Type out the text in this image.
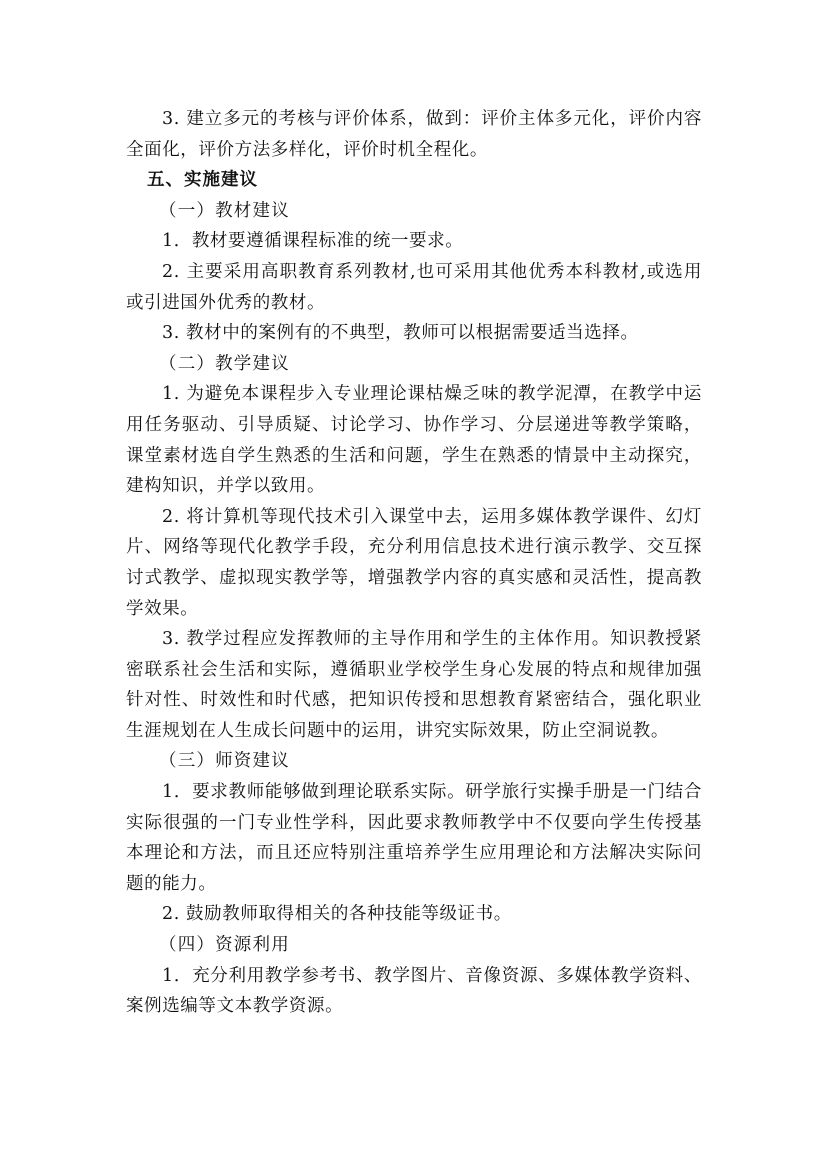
3. 建立多元的考核与评价体系，做到：评价主体多元化，评价内容全面化，评价方法多样化，评价时机全程化。

五、实施建议

（一）教材建议

1．教材要遵循课程标准的统一要求。

2. 主要采用高职教育系列教材,也可采用其他优秀本科教材,或选用或引进国外优秀的教材。

3. 教材中的案例有的不典型，教师可以根据需要适当选择。

（二）教学建议

1. 为避免本课程步入专业理论课枯燥乏味的教学泥潭，在教学中运用任务驱动、引导质疑、讨论学习、协作学习、分层递进等教学策略，课堂素材选自学生熟悉的生活和问题，学生在熟悉的情景中主动探究，建构知识，并学以致用。

2. 将计算机等现代技术引入课堂中去，运用多媒体教学课件、幻灯片、网络等现代化教学手段，充分利用信息技术进行演示教学、交互探讨式教学、虚拟现实教学等，增强教学内容的真实感和灵活性，提高教学效果。

3. 教学过程应发挥教师的主导作用和学生的主体作用。知识教授紧密联系社会生活和实际，遵循职业学校学生身心发展的特点和规律加强针对性、时效性和时代感，把知识传授和思想教育紧密结合，强化职业生涯规划在人生成长问题中的运用，讲究实际效果，防止空洞说教。

（三）师资建议

1．要求教师能够做到理论联系实际。研学旅行实操手册是一门结合实际很强的一门专业性学科，因此要求教师教学中不仅要向学生传授基本理论和方法，而且还应特别注重培养学生应用理论和方法解决实际问题的能力。

2. 鼓励教师取得相关的各种技能等级证书。

（四）资源利用

1．充分利用教学参考书、教学图片、音像资源、多媒体教学资料、案例选编等文本教学资源。
